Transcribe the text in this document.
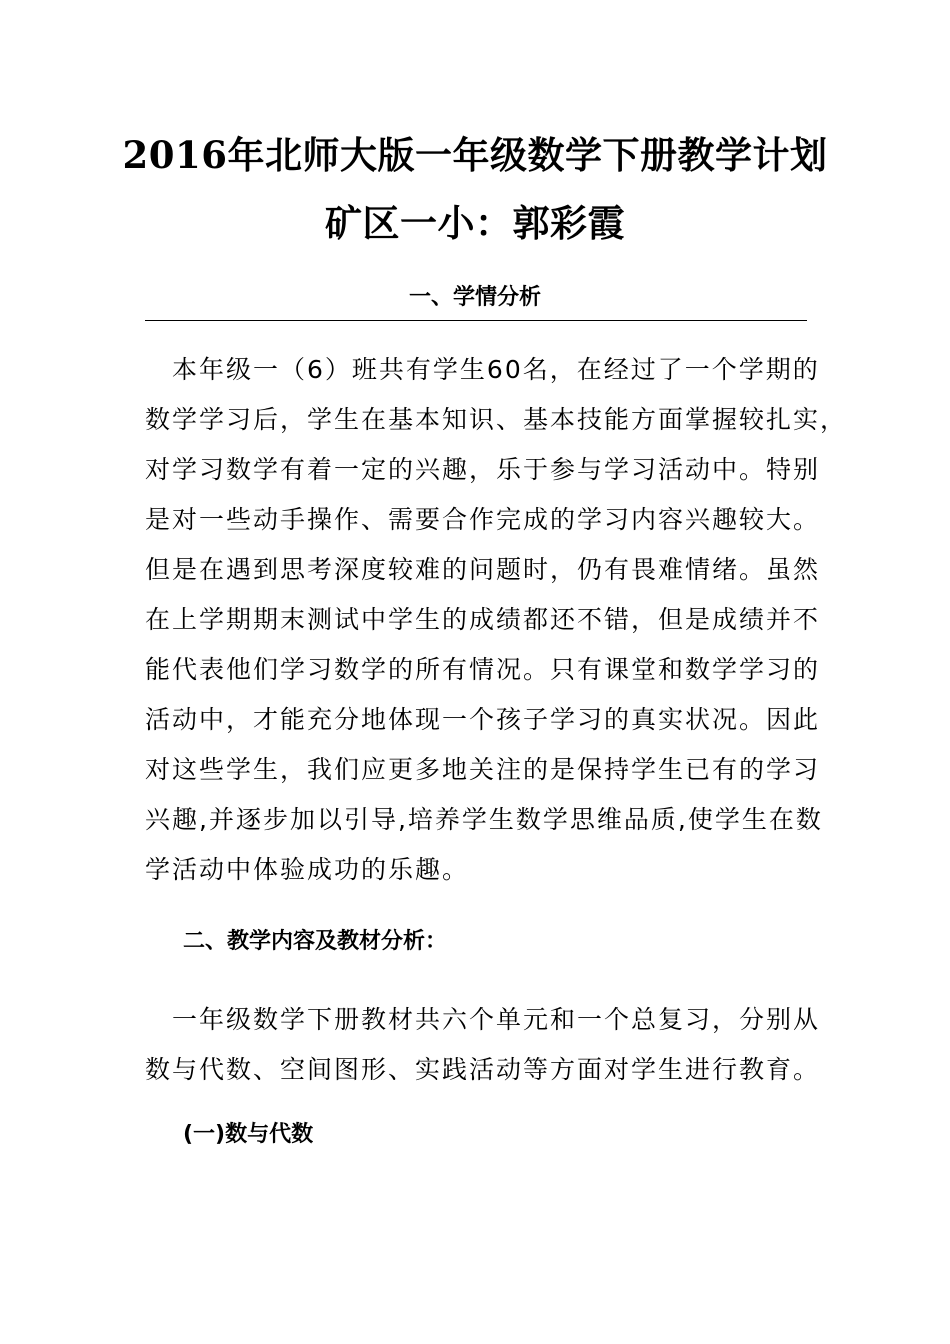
2016年北师大版一年级数学下册教学计划
矿区一小：郭彩霞
一、学情分析
　本年级一（6）班共有学生60名，在经过了一个学期的
数学学习后，学生在基本知识、基本技能方面掌握较扎实，
对学习数学有着一定的兴趣，乐于参与学习活动中。特别
是对一些动手操作、需要合作完成的学习内容兴趣较大。
但是在遇到思考深度较难的问题时，仍有畏难情绪。虽然
在上学期期末测试中学生的成绩都还不错，但是成绩并不
能代表他们学习数学的所有情况。只有课堂和数学学习的
活动中，才能充分地体现一个孩子学习的真实状况。因此
对这些学生，我们应更多地关注的是保持学生已有的学习
兴趣,并逐步加以引导,培养学生数学思维品质,使学生在数
学活动中体验成功的乐趣。
二、教学内容及教材分析：
　一年级数学下册教材共六个单元和一个总复习，分别从
数与代数、空间图形、实践活动等方面对学生进行教育。
(一)数与代数
